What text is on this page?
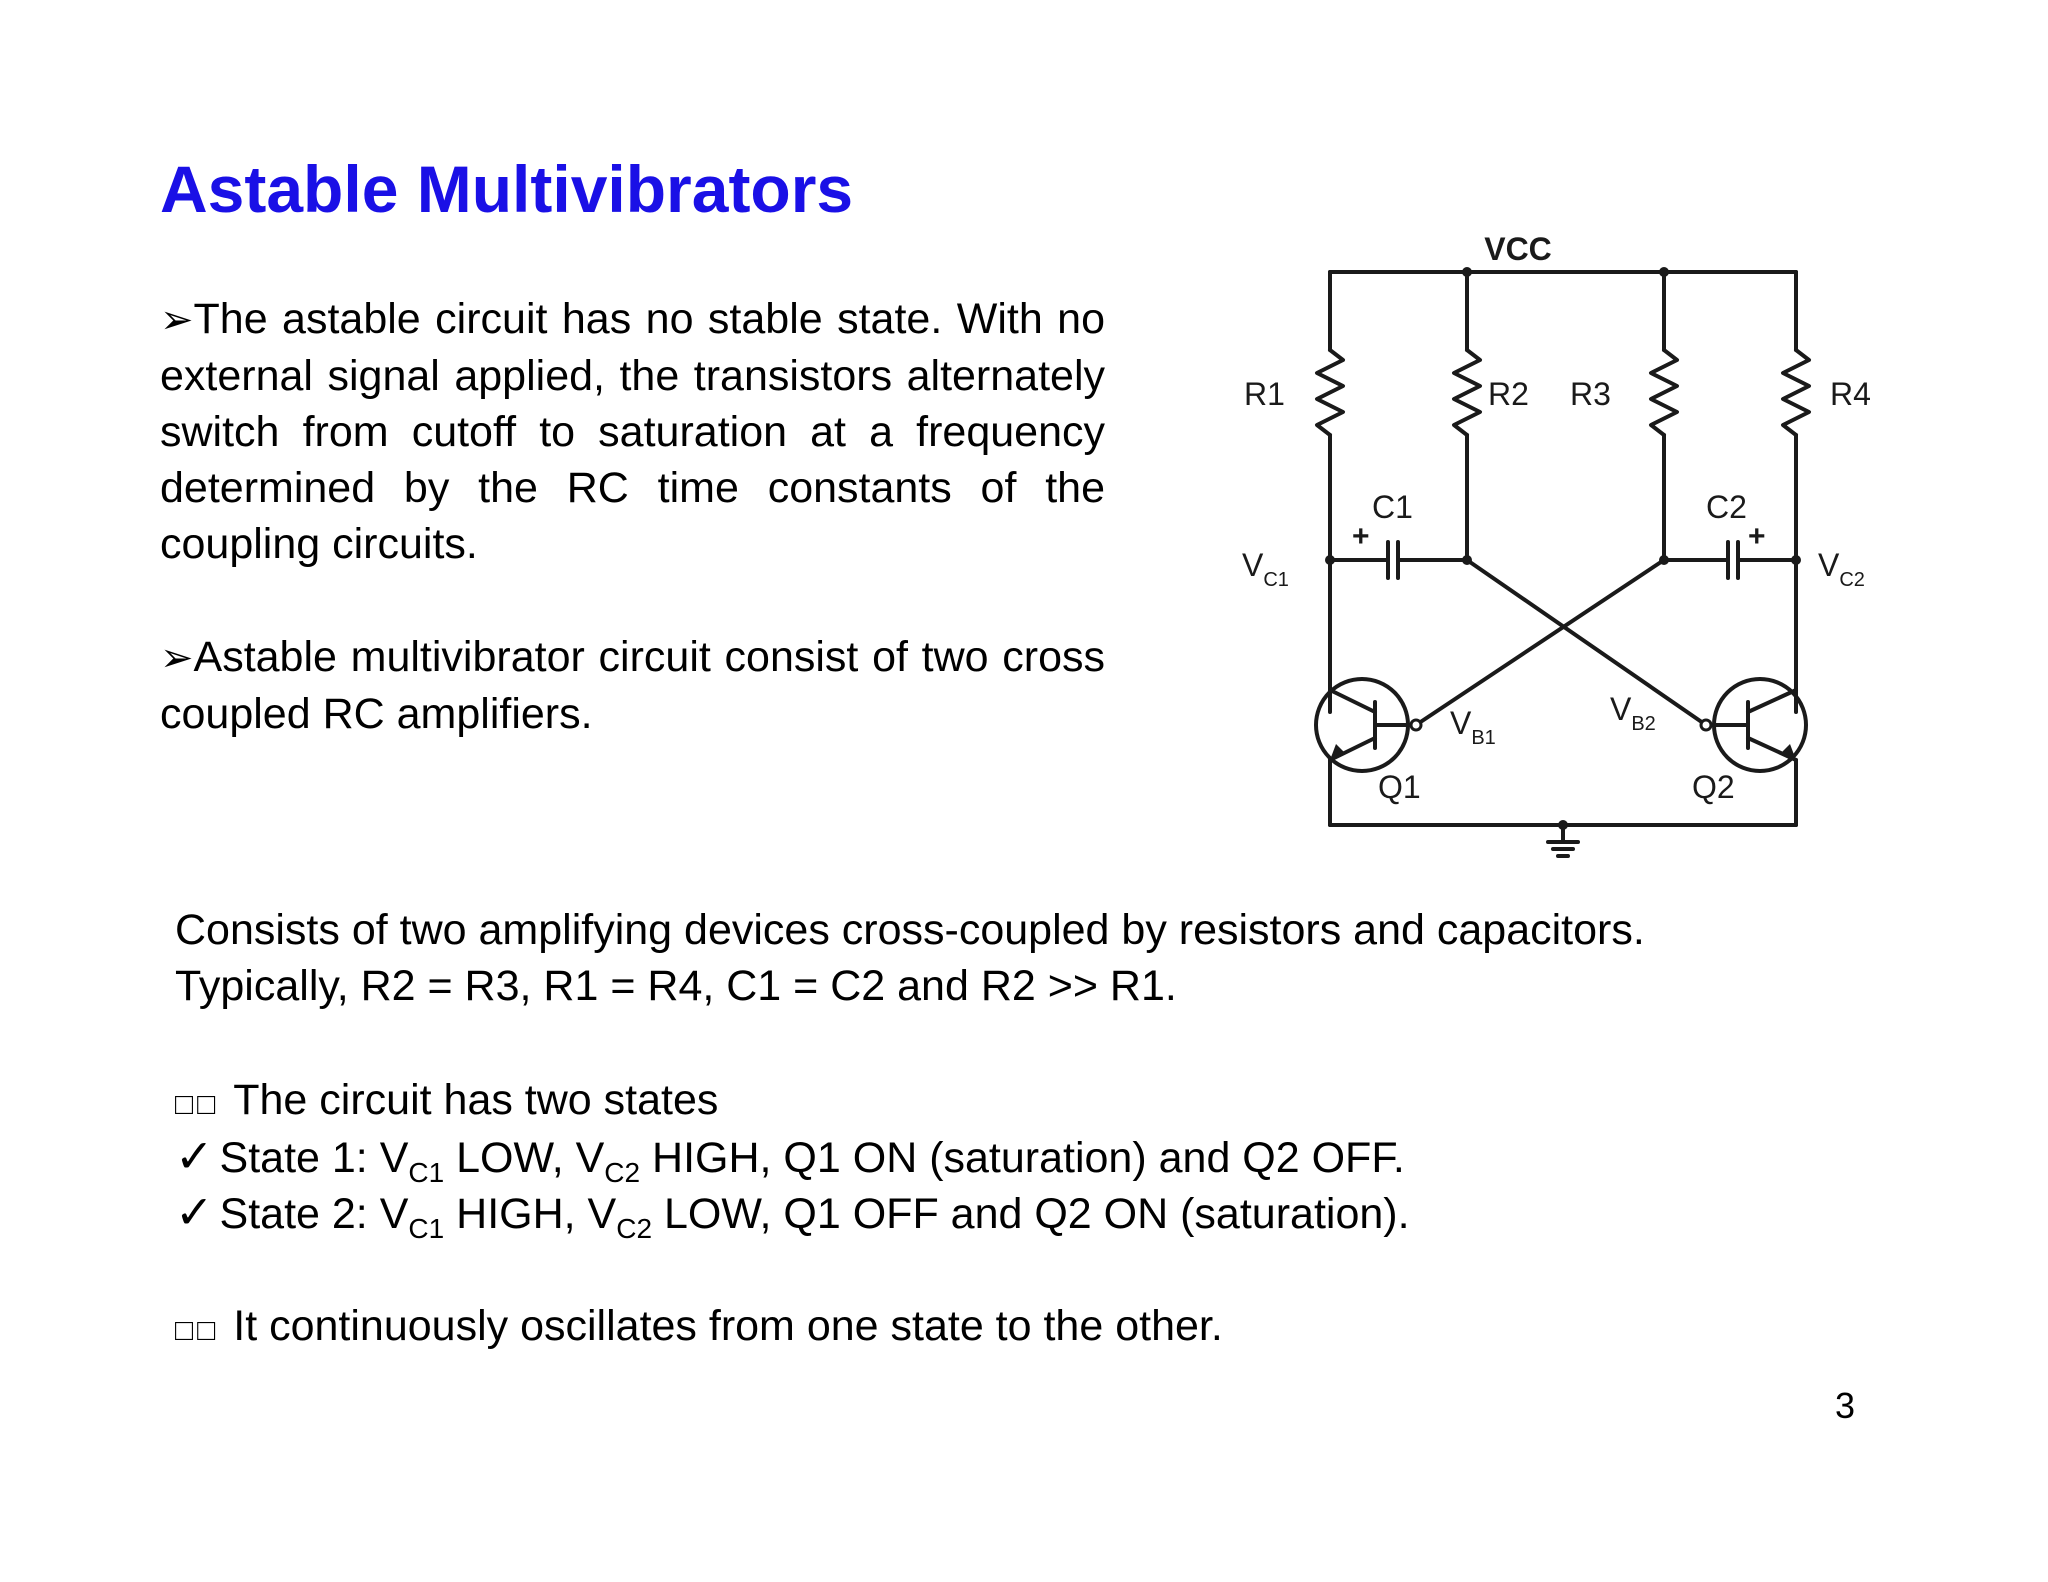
Astable Multivibrators

➢The astable circuit has no stable state. With no external signal applied, the transistors alternately switch from cutoff to saturation at a frequency determined by the RC time constants of the coupling circuits.

➢Astable multivibrator circuit consist of two cross coupled RC amplifiers.

VCC
R1	R2 R3	R4
C1	C2
+	+
$V_{C1}$	$V_{C2}$
$V_{B1}$
$V_{B2}$
Q1	Q2

Consists of two amplifying devices cross-coupled by resistors and capacitors.

Typically, R2 = R3, R1 = R4, C1 = C2 and R2 >> R1.

□□ The circuit has two states

✓ State 1: $V_{C1}$ LOW, $V_{C2}$ HIGH, Q1 ON (saturation) and Q2 OFF.

✓ State 2: $V_{C1}$ HIGH, $V_{C2}$ LOW, Q1 OFF and Q2 ON (saturation).

□□ It continuously oscillates from one state to the other.

3
